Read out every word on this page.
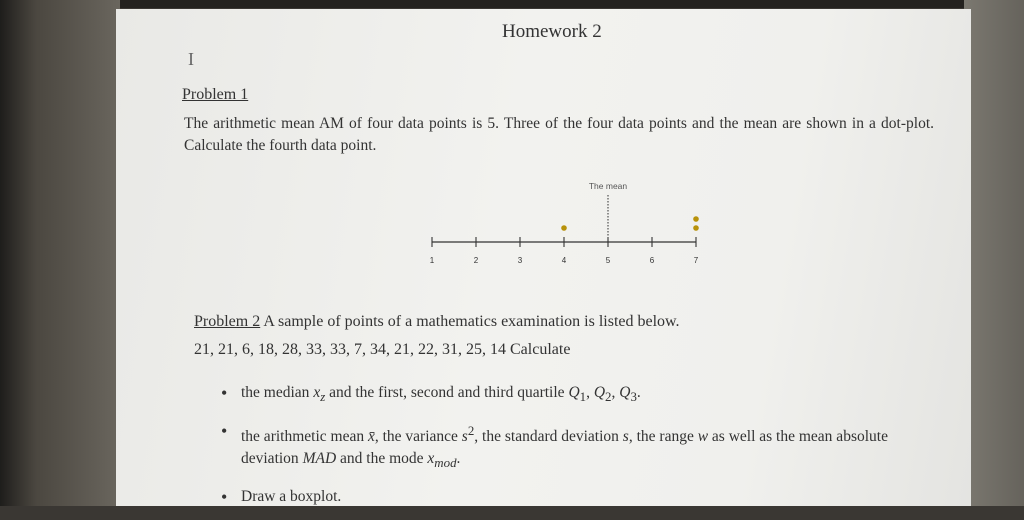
Homework 2
I
Problem 1
The arithmetic mean AM of four data points is 5. Three of the four data points and the mean are shown in a dot-plot. Calculate the fourth data point.
1	2	3	4	5	6	7
The mean
Problem 2 A sample of points of a mathematics examination is listed below.
21, 21, 6, 18, 28, 33, 33, 7, 34, 21, 22, 31, 25, 14 Calculate
• the median $x_z$ and the first, second and third quartile $Q_1$, $Q_2$, $Q_3$.
• the arithmetic mean x̄, the variance $s^2$, the standard deviation s, the range w as well as the mean absolute deviation MAD and the mode $x_{mod}$.
• Draw a boxplot.
